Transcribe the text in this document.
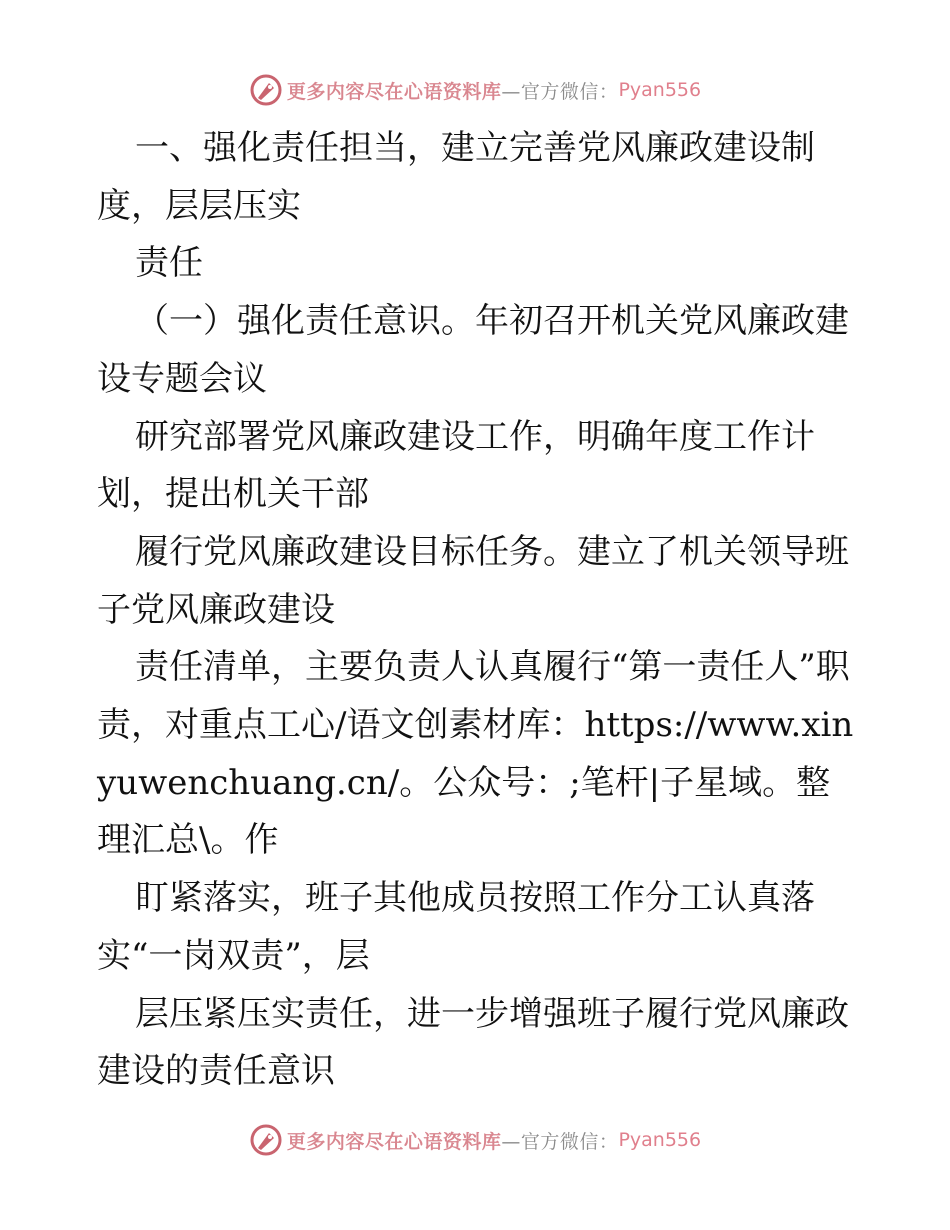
更多内容尽在心语资料库 —官方微信： Pyan556

一、强化责任担当，建立完善党风廉政建设制度，层层压实

责任

（一）强化责任意识。年初召开机关党风廉政建设专题会议

研究部署党风廉政建设工作，明确年度工作计划，提出机关干部

履行党风廉政建设目标任务。建立了机关领导班子党风廉政建设

责任清单，主要负责人认真履行“第一责任人”职责，对重点工心/语文创素材库：https://www.xinyuwenchuang.cn/。公众号：;笔杆|子星域。整理汇总\。作

盯紧落实，班子其他成员按照工作分工认真落实“一岗双责”，层

层压紧压实责任，进一步增强班子履行党风廉政建设的责任意识

更多内容尽在心语资料库 —官方微信： Pyan556
